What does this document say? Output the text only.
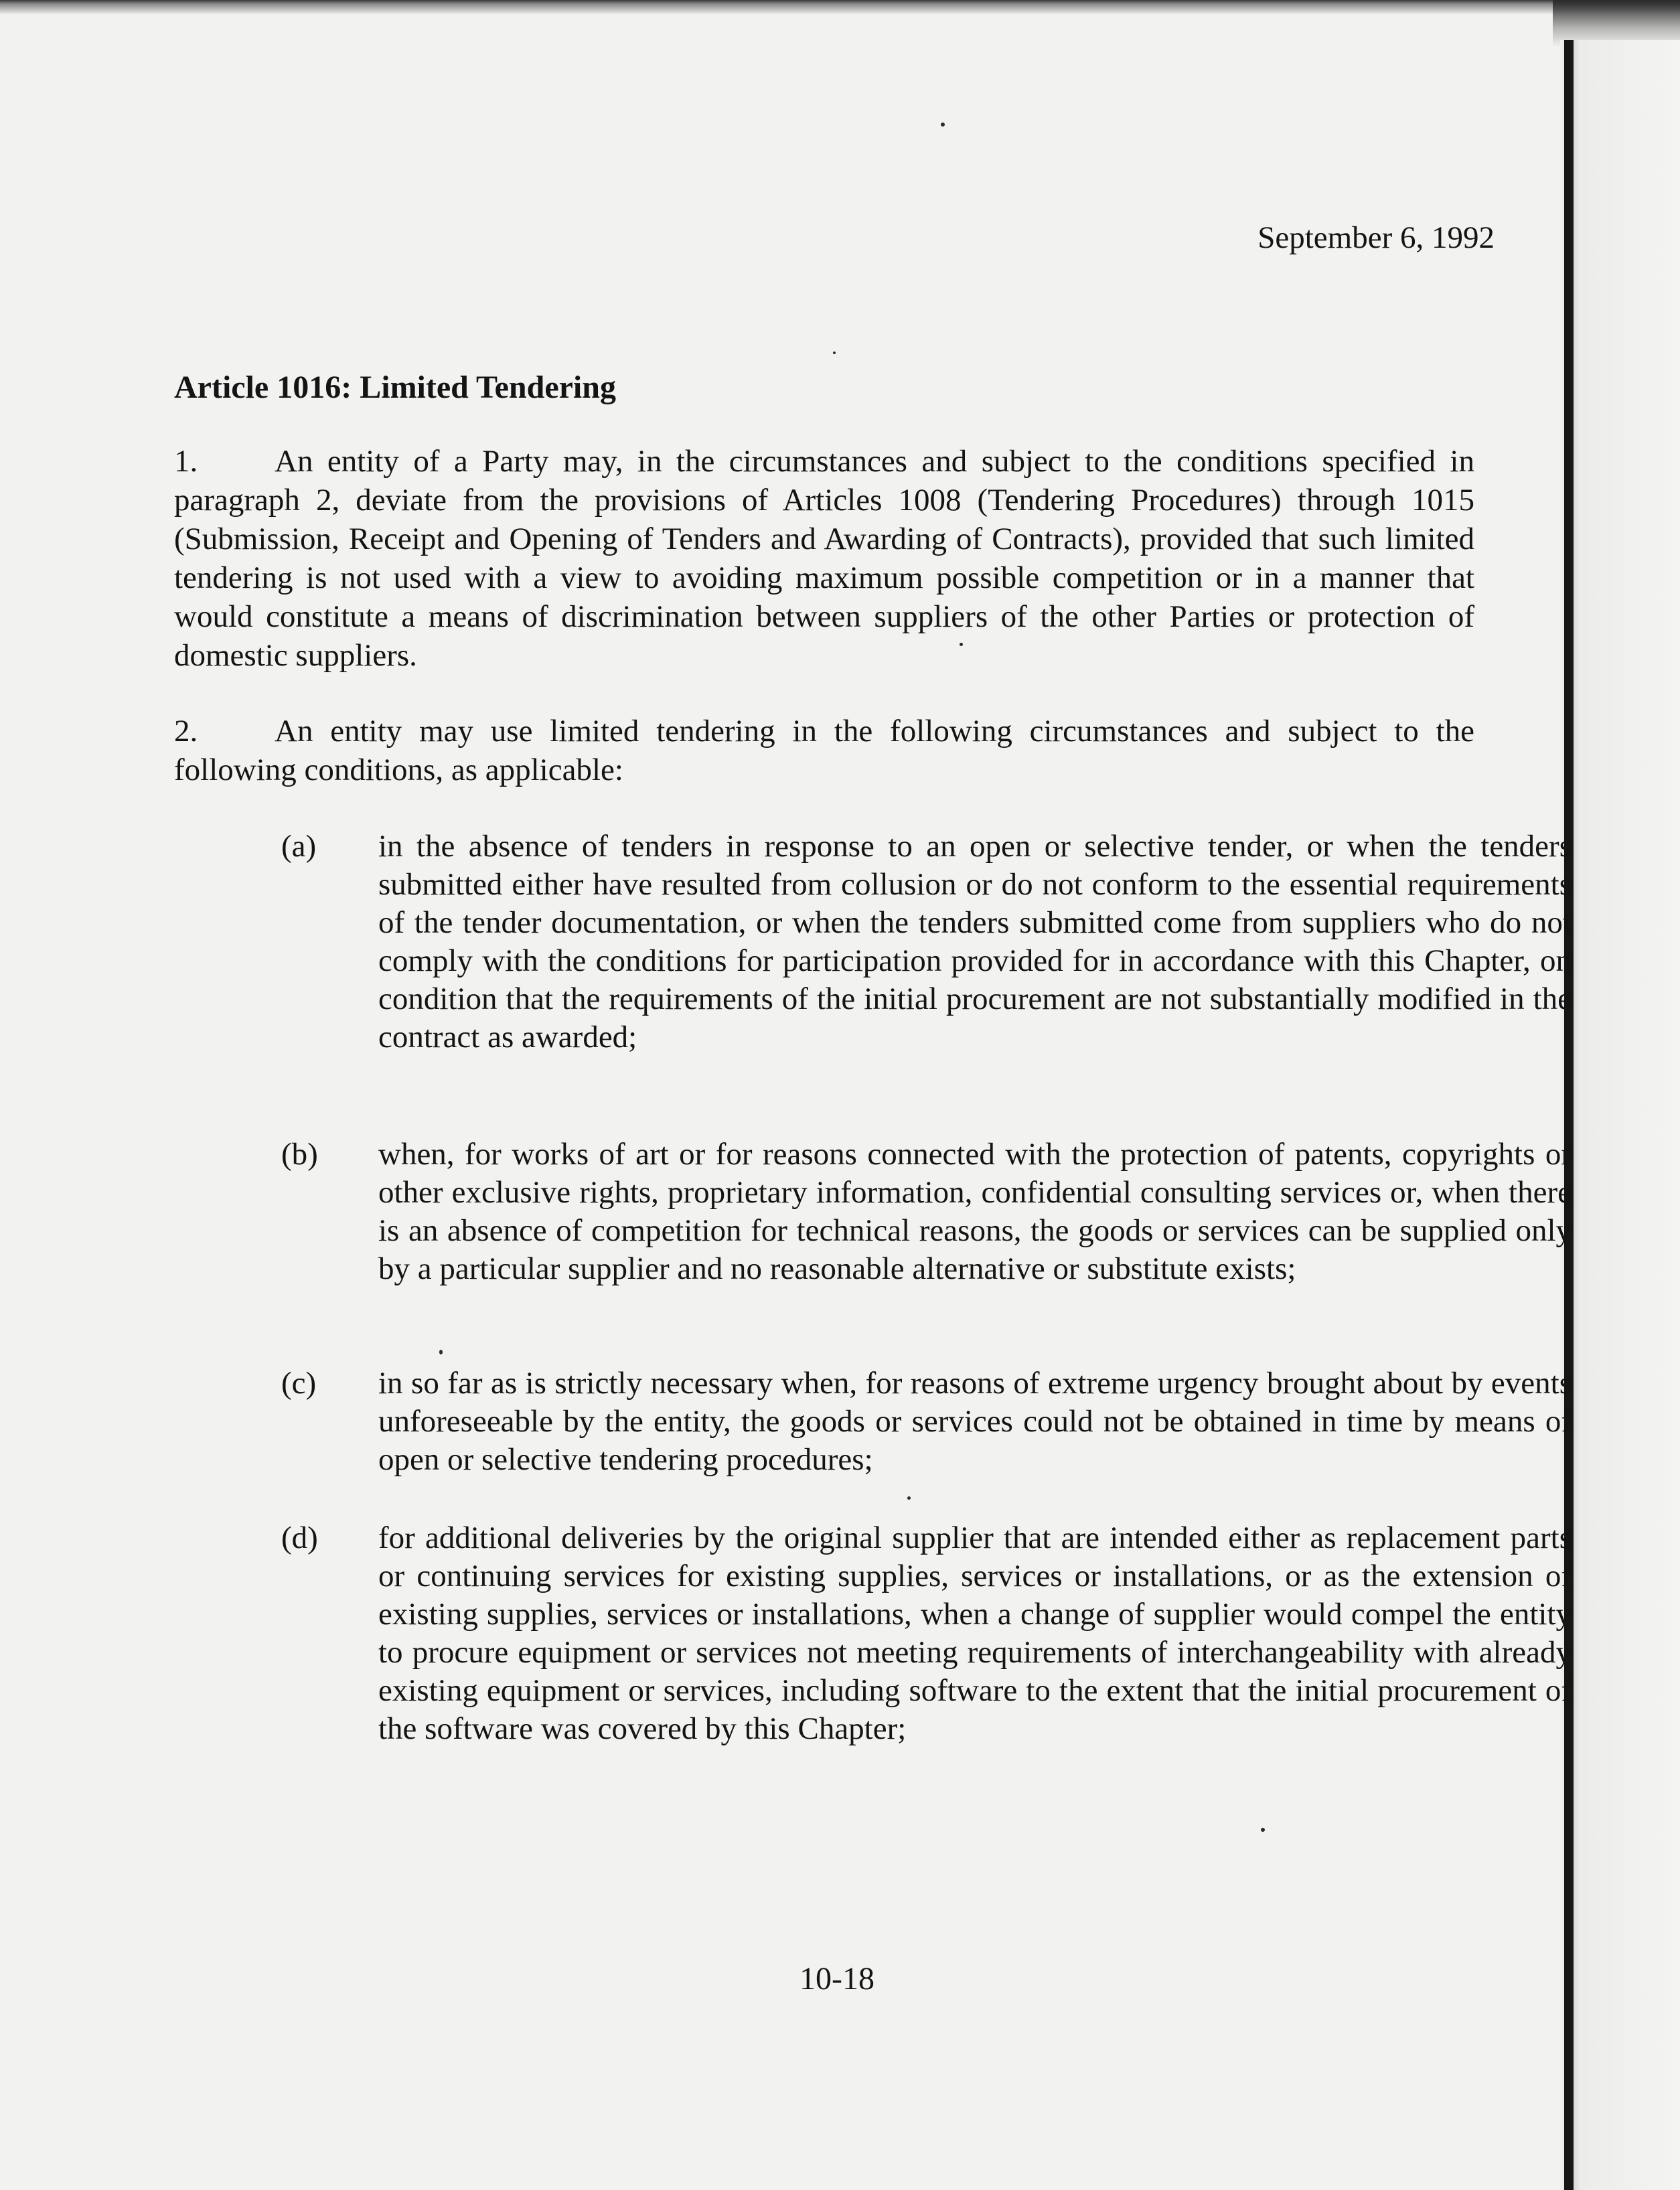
September 6, 1992
Article 1016: Limited Tendering
1. An entity of a Party may, in the circumstances and subject to the conditions specified in paragraph 2, deviate from the provisions of Articles 1008 (Tendering Procedures) through 1015 (Submission, Receipt and Opening of Tenders and Awarding of Contracts), provided that such limited tendering is not used with a view to avoiding maximum possible competition or in a manner that would constitute a means of discrimination between suppliers of the other Parties or protection of domestic suppliers.
2. An entity may use limited tendering in the following circumstances and subject to the following conditions, as applicable:
(a)	in the absence of tenders in response to an open or selective tender, or when the tenders submitted either have resulted from collusion or do not conform to the essential requirements of the tender documentation, or when the tenders submitted come from suppliers who do not comply with the conditions for participation provided for in accordance with this Chapter, on condition that the requirements of the initial procurement are not substantially modified in the contract as awarded;
(b)	when, for works of art or for reasons connected with the protection of patents, copyrights or other exclusive rights, proprietary information, confidential consulting services or, when there is an absence of competition for technical reasons, the goods or services can be supplied only by a particular supplier and no reasonable alternative or substitute exists;
(c)	in so far as is strictly necessary when, for reasons of extreme urgency brought about by events unforeseeable by the entity, the goods or services could not be obtained in time by means of open or selective tendering procedures;
(d)	for additional deliveries by the original supplier that are intended either as replacement parts or continuing services for existing supplies, services or installations, or as the extension of existing supplies, services or installations, when a change of supplier would compel the entity to procure equipment or services not meeting requirements of interchangeability with already existing equipment or services, including software to the extent that the initial procurement of the software was covered by this Chapter;
10-18
